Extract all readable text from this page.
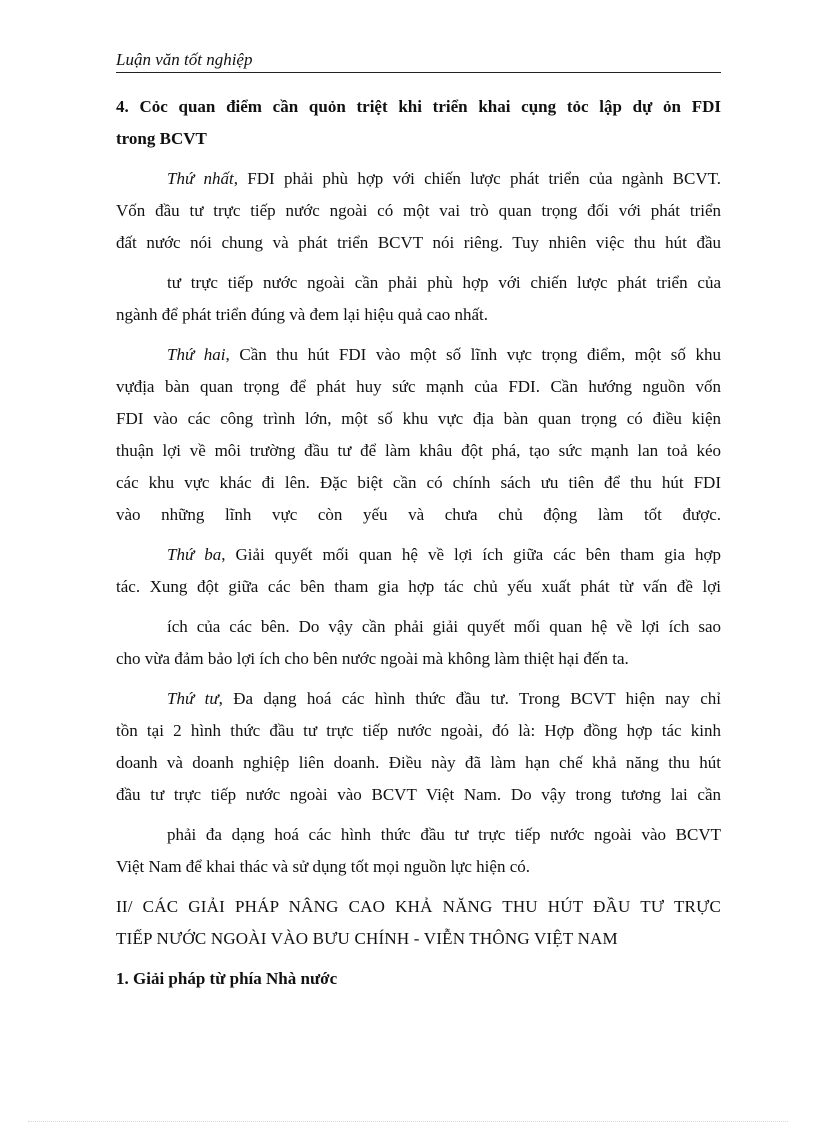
Luận văn tốt nghiệp
4. Cỏc quan điểm cần quỏn triệt khi triển khai cụng tỏc lập dự ỏn FDI
trong BCVT
Thứ nhất, FDI phải phù hợp với chiến lược phát triển của ngành BCVT.
Vốn đầu tư trực tiếp nước ngoài có một vai trò quan trọng đối với phát triển
đất nước nói chung và phát triển BCVT nói riêng. Tuy nhiên việc thu hút đầu
tư trực tiếp nước ngoài cần phải phù hợp với chiến lược phát triển của
ngành để phát triển đúng và đem lại hiệu quả cao nhất.
Thứ hai, Cần thu hút FDI vào một số lĩnh vực trọng điểm, một số khu
vựđịa bàn quan trọng để phát huy sức mạnh của FDI. Cần hướng nguồn vốn
FDI vào các công trình lớn, một số khu vực địa bàn quan trọng có điều kiện
thuận lợi về môi trường đầu tư để làm khâu đột phá, tạo sức mạnh lan toả kéo
các khu vực khác đi lên. Đặc biệt cần có chính sách ưu tiên để thu hút FDI
vào những lĩnh vực còn yếu và chưa chủ động làm tốt được.
Thứ ba, Giải quyết mối quan hệ về lợi ích giữa các bên tham gia hợp
tác. Xung đột giữa các bên tham gia hợp tác chủ yếu xuất phát từ vấn đề lợi
ích của các bên. Do vậy cần phải giải quyết mối quan hệ về lợi ích sao
cho vừa đảm bảo lợi ích cho bên nước ngoài mà không làm thiệt hại đến ta.
Thứ tư, Đa dạng hoá các hình thức đầu tư. Trong BCVT hiện nay chỉ
tồn tại 2 hình thức đầu tư trực tiếp nước ngoài, đó là: Hợp đồng hợp tác kinh
doanh và doanh nghiệp liên doanh. Điều này đã làm hạn chế khả năng thu hút
đầu tư trực tiếp nước ngoài vào BCVT Việt Nam. Do vậy trong tương lai cần
phải đa dạng hoá các hình thức đầu tư trực tiếp nước ngoài vào BCVT
Việt Nam để khai thác và sử dụng tốt mọi nguồn lực hiện có.
II/ CÁC GIẢI PHÁP NÂNG CAO KHẢ NĂNG THU HÚT ĐẦU TƯ TRỰC
TIẾP NƯỚC NGOÀI VÀO BƯU CHÍNH - VIỄN THÔNG VIỆT NAM
1. Giải pháp từ phía Nhà nước
